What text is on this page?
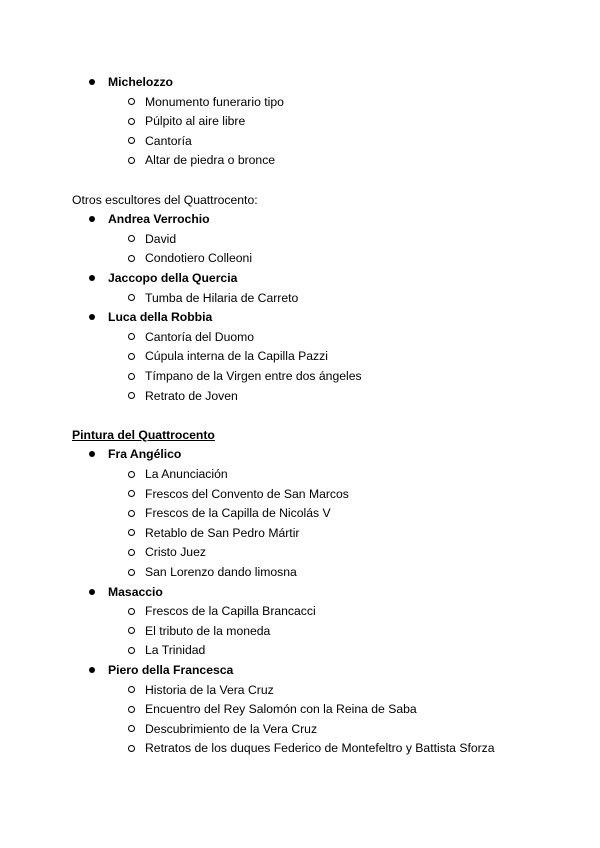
Michelozzo
Monumento funerario tipo
Púlpito al aire libre
Cantoría
Altar de piedra o bronce
Otros escultores del Quattrocento:
Andrea Verrochio
David
Condotiero Colleoni
Jaccopo della Quercia
Tumba de Hilaria de Carreto
Luca della Robbia
Cantoría del Duomo
Cúpula interna de la Capilla Pazzi
Tímpano de la Virgen entre dos ángeles
Retrato de Joven
Pintura del Quattrocento
Fra Angélico
La Anunciación
Frescos del Convento de San Marcos
Frescos de la Capilla de Nicolás V
Retablo de San Pedro Mártir
Cristo Juez
San Lorenzo dando limosna
Masaccio
Frescos de la Capilla Brancacci
El tributo de la moneda
La Trinidad
Piero della Francesca
Historia de la Vera Cruz
Encuentro del Rey Salomón con la Reina de Saba
Descubrimiento de la Vera Cruz
Retratos de los duques Federico de Montefeltro y Battista Sforza
